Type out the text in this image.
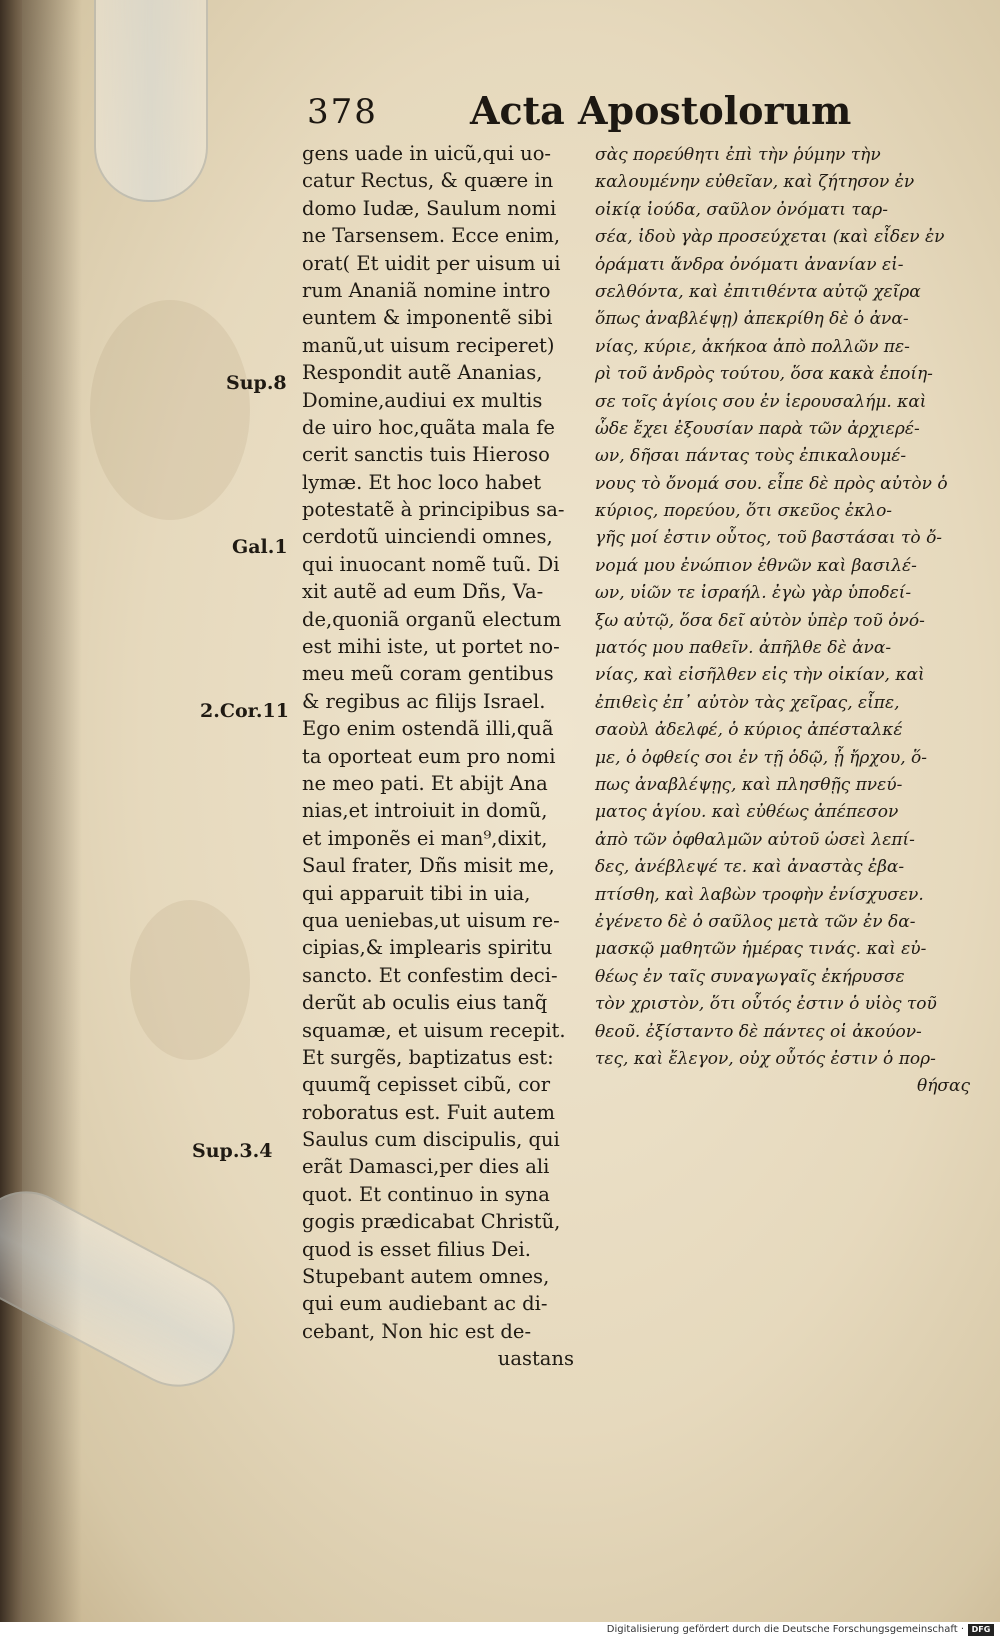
378 Acta Apostolorum
Sup.8
Gal.1
2.Cor.11
Sup.3.4
gens uade in uicũ,qui uo-
catur Rectus, & quære in
domo Iudæ, Saulum nomi
ne Tarsensem. Ecce enim,
orat( Et uidit per uisum ui
rum Ananiã nomine intro
euntem & imponentẽ sibi
manũ,ut uisum reciperet)
Respondit autẽ Ananias,
Domine,audiui ex multis
de uiro hoc,quãta mala fe
cerit sanctis tuis Hieroso
lymæ. Et hoc loco habet
potestatẽ à principibus sa-
cerdotũ uinciendi omnes,
qui inuocant nomẽ tuũ. Di
xit autẽ ad eum Dñs, Va-
de,quoniã organũ electum
est mihi iste, ut portet no-
meu meũ coram gentibus
& regibus ac filijs Israel.
Ego enim ostendã illi,quã
ta oporteat eum pro nomi
ne meo pati. Et abijt Ana
nias,et introiuit in domũ,
et imponẽs ei man⁹,dixit,
Saul frater, Dñs misit me,
qui apparuit tibi in uia,
qua ueniebas,ut uisum re-
cipias,& implearis spiritu
sancto. Et confestim deci-
derũt ab oculis eius tanq̃
squamæ, et uisum recepit.
Et surgẽs, baptizatus est:
quumq̃ cepisset cibũ, cor
roboratus est. Fuit autem
Saulus cum discipulis, qui
erãt Damasci,per dies ali
quot. Et continuo in syna
gogis prædicabat Christũ,
quod is esset filius Dei.
Stupebant autem omnes,
qui eum audiebant ac di-
cebant, Non hic est de-
uastans
σὰς πορεύθητι ἐπὶ τὴν ῥύμην τὴν
καλουμένην εὐθεῖαν, καὶ ζήτησον ἐν
οἰκίᾳ ἰούδα, σαῦλον ὀνόματι ταρ-
σέα, ἰδοὺ γὰρ προσεύχεται (καὶ εἶδεν ἐν
ὁράματι ἄνδρα ὀνόματι ἀνανίαν εἰ-
σελθόντα, καὶ ἐπιτιθέντα αὐτῷ χεῖρα
ὅπως ἀναβλέψῃ) ἀπεκρίθη δὲ ὁ ἀνα-
νίας, κύριε, ἀκήκοα ἀπὸ πολλῶν πε-
ρὶ τοῦ ἀνδρὸς τούτου, ὅσα κακὰ ἐποίη-
σε τοῖς ἁγίοις σου ἐν ἱερουσαλήμ. καὶ
ὧδε ἔχει ἐξουσίαν παρὰ τῶν ἀρχιερέ-
ων, δῆσαι πάντας τοὺς ἐπικαλουμέ-
νους τὸ ὄνομά σου. εἶπε δὲ πρὸς αὐτὸν ὁ
κύριος, πορεύου, ὅτι σκεῦος ἐκλο-
γῆς μοί ἐστιν οὗτος, τοῦ βαστάσαι τὸ ὄ-
νομά μου ἐνώπιον ἐθνῶν καὶ βασιλέ-
ων, υἱῶν τε ἰσραήλ. ἐγὼ γὰρ ὑποδεί-
ξω αὐτῷ, ὅσα δεῖ αὐτὸν ὑπὲρ τοῦ ὀνό-
ματός μου παθεῖν. ἀπῆλθε δὲ ἀνα-
νίας, καὶ εἰσῆλθεν εἰς τὴν οἰκίαν, καὶ
ἐπιθεὶς ἐπ᾽ αὐτὸν τὰς χεῖρας, εἶπε,
σαοὺλ ἀδελφέ, ὁ κύριος ἀπέσταλκέ
με, ὁ ὀφθείς σοι ἐν τῇ ὁδῷ, ᾗ ἤρχου, ὅ-
πως ἀναβλέψῃς, καὶ πλησθῇς πνεύ-
ματος ἁγίου. καὶ εὐθέως ἀπέπεσον
ἀπὸ τῶν ὀφθαλμῶν αὐτοῦ ὡσεὶ λεπί-
δες, ἀνέβλεψέ τε. καὶ ἀναστὰς ἐβα-
πτίσθη, καὶ λαβὼν τροφὴν ἐνίσχυσεν.
ἐγένετο δὲ ὁ σαῦλος μετὰ τῶν ἐν δα-
μασκῷ μαθητῶν ἡμέρας τινάς. καὶ εὐ-
θέως ἐν ταῖς συναγωγαῖς ἐκήρυσσε
τὸν χριστὸν, ὅτι οὗτός ἐστιν ὁ υἱὸς τοῦ
θεοῦ. ἐξίσταντο δὲ πάντες οἱ ἀκούον-
τες, καὶ ἔλεγον, οὐχ οὗτός ἐστιν ὁ πορ-
θήσας
Digitalisierung gefördert durch die Deutsche Forschungsgemeinschaft · DFG
